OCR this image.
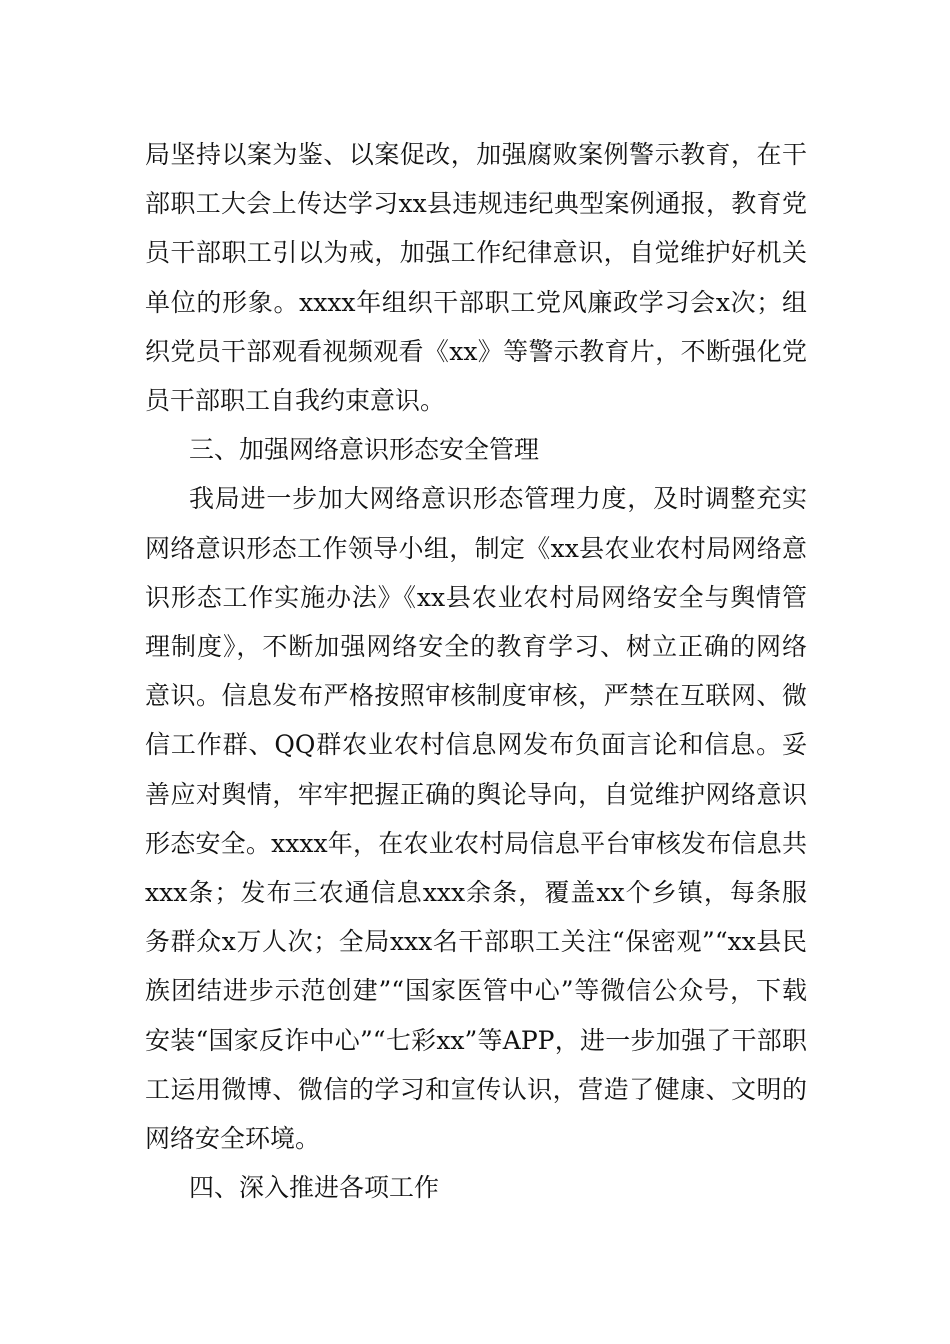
局坚持以案为鉴、以案促改，加强腐败案例警示教育，在干部职工大会上传达学习xx县违规违纪典型案例通报，教育党员干部职工引以为戒，加强工作纪律意识，自觉维护好机关单位的形象。xxxx年组织干部职工党风廉政学习会x次；组织党员干部观看视频观看《xx》等警示教育片，不断强化党员干部职工自我约束意识。

三、加强网络意识形态安全管理

我局进一步加大网络意识形态管理力度，及时调整充实网络意识形态工作领导小组，制定《xx县农业农村局网络意识形态工作实施办法》《xx县农业农村局网络安全与舆情管理制度》，不断加强网络安全的教育学习、树立正确的网络意识。信息发布严格按照审核制度审核，严禁在互联网、微信工作群、QQ群农业农村信息网发布负面言论和信息。妥善应对舆情，牢牢把握正确的舆论导向，自觉维护网络意识形态安全。xxxx年，在农业农村局信息平台审核发布信息共xxx条；发布三农通信息xxx余条，覆盖xx个乡镇，每条服务群众x万人次；全局xxx名干部职工关注“保密观”“xx县民族团结进步示范创建”“国家医管中心”等微信公众号，下载安装“国家反诈中心”“七彩xx”等APP，进一步加强了干部职工运用微博、微信的学习和宣传认识，营造了健康、文明的网络安全环境。

四、深入推进各项工作
